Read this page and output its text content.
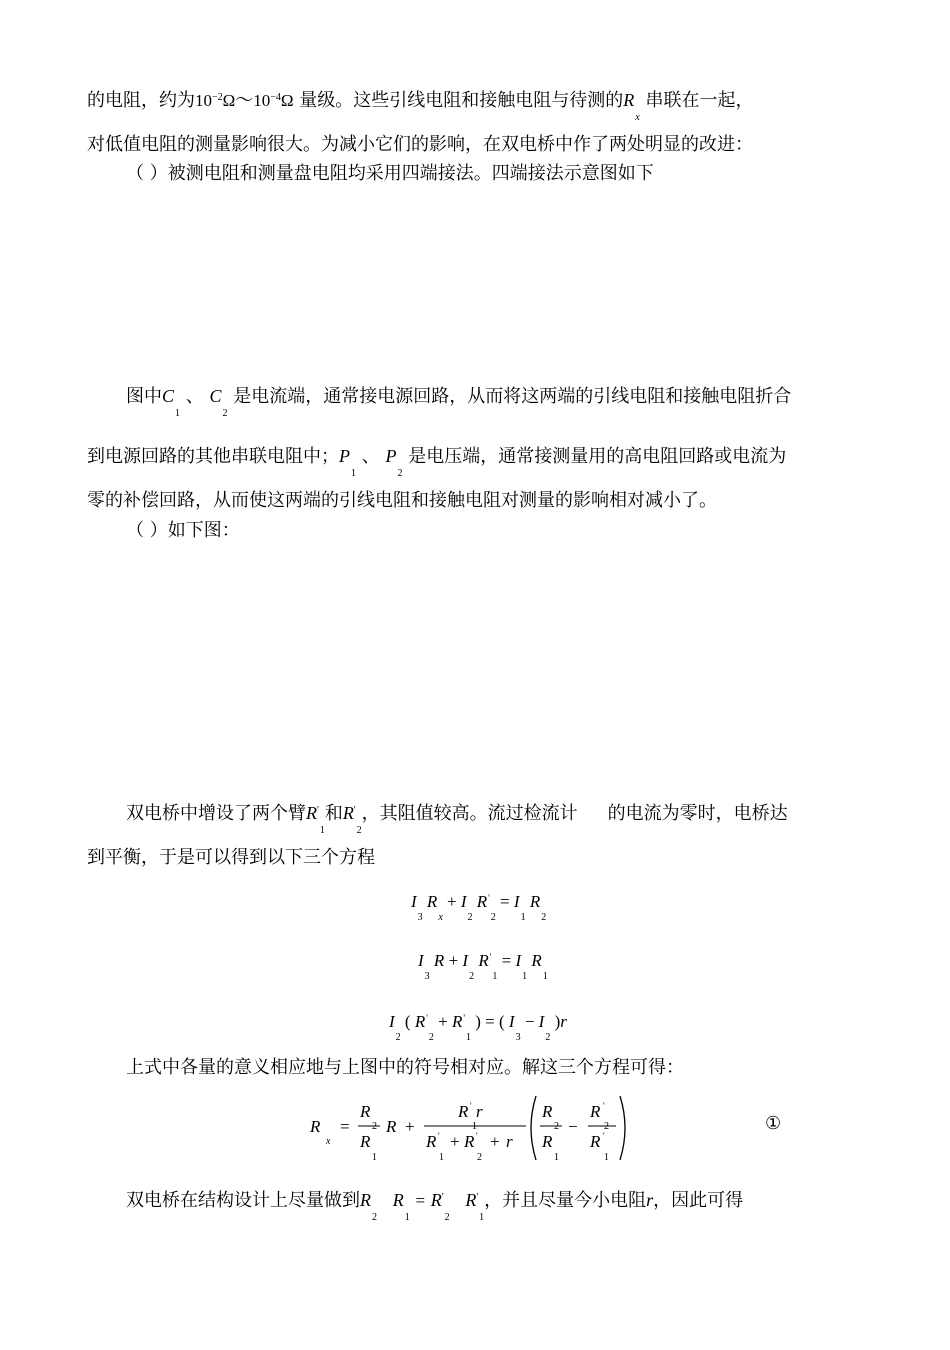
的电阻，约为$10^{-2}\Omega\sim 10^{-4}\Omega$ 量级。这些引线电阻和接触电阻与待测的$R_x$ 串联在一起，
对低值电阻的测量影响很大。为减小它们的影响，在双电桥中作了两处明显的改进：
（ ）被测电阻和测量盘电阻均采用四端接法。四端接法示意图如下
图中$C_1$ 、 $C_2$ 是电流端，通常接电源回路，从而将这两端的引线电阻和接触电阻折合
到电源回路的其他串联电阻中；$P_1$ 、 $P_2$ 是电压端，通常接测量用的高电阻回路或电流为
零的补偿回路，从而使这两端的引线电阻和接触电阻对测量的影响相对减小了。
（ ）如下图：
双电桥中增设了两个臂$R'_1$和$R'_2$，其阻值较高。流过检流计 的电流为零时，电桥达
到平衡，于是可以得到以下三个方程
$I_3$ $R_x + I_2$ $R'_2 = I_1$ $R_2$
$I_3$ $R + I_2$ $R'_1 = I_1$ $R_1$
$I_2$ ( $R'_2 + R'_1$ ) = ( $I_3 - I_2$ )r
上式中各量的意义相应地与上图中的符号相对应。解这三个方程可得：
R
x
=
R
2
R
1
R +
R '
1
r
R '
1
+ R '
2
+ r
R
2
R
1
−
R '
2
R '
1
①
双电桥在结构设计上尽量做到$R_2$ $R_1 = R'_2$ $R'_1$，并且尽量今小电阻r，因此可得
